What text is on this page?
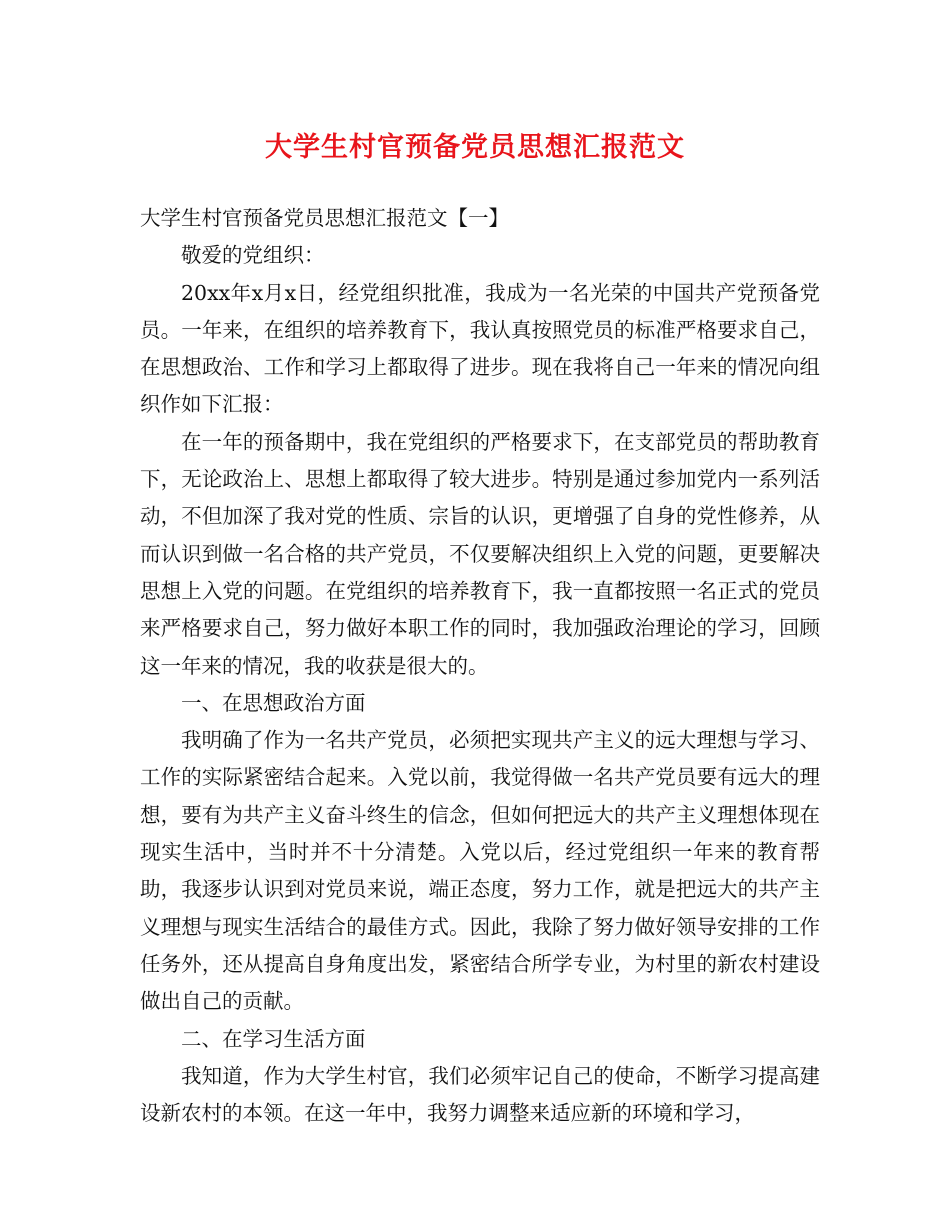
大学生村官预备党员思想汇报范文

大学生村官预备党员思想汇报范文【一】

敬爱的党组织：

20xx年x月x日，经党组织批准，我成为一名光荣的中国共产党预备党员。一年来，在组织的培养教育下，我认真按照党员的标准严格要求自己，在思想政治、工作和学习上都取得了进步。现在我将自己一年来的情况向组织作如下汇报：

在一年的预备期中，我在党组织的严格要求下，在支部党员的帮助教育下，无论政治上、思想上都取得了较大进步。特别是通过参加党内一系列活动，不但加深了我对党的性质、宗旨的认识，更增强了自身的党性修养，从而认识到做一名合格的共产党员，不仅要解决组织上入党的问题，更要解决思想上入党的问题。在党组织的培养教育下，我一直都按照一名正式的党员来严格要求自己，努力做好本职工作的同时，我加强政治理论的学习，回顾这一年来的情况，我的收获是很大的。

一、在思想政治方面

我明确了作为一名共产党员，必须把实现共产主义的远大理想与学习、工作的实际紧密结合起来。入党以前，我觉得做一名共产党员要有远大的理想，要有为共产主义奋斗终生的信念，但如何把远大的共产主义理想体现在现实生活中，当时并不十分清楚。入党以后，经过党组织一年来的教育帮助，我逐步认识到对党员来说，端正态度，努力工作，就是把远大的共产主义理想与现实生活结合的最佳方式。因此，我除了努力做好领导安排的工作任务外，还从提高自身角度出发，紧密结合所学专业，为村里的新农村建设做出自己的贡献。

二、在学习生活方面

我知道，作为大学生村官，我们必须牢记自己的使命，不断学习提高建设新农村的本领。在这一年中，我努力调整来适应新的环境和学习，
